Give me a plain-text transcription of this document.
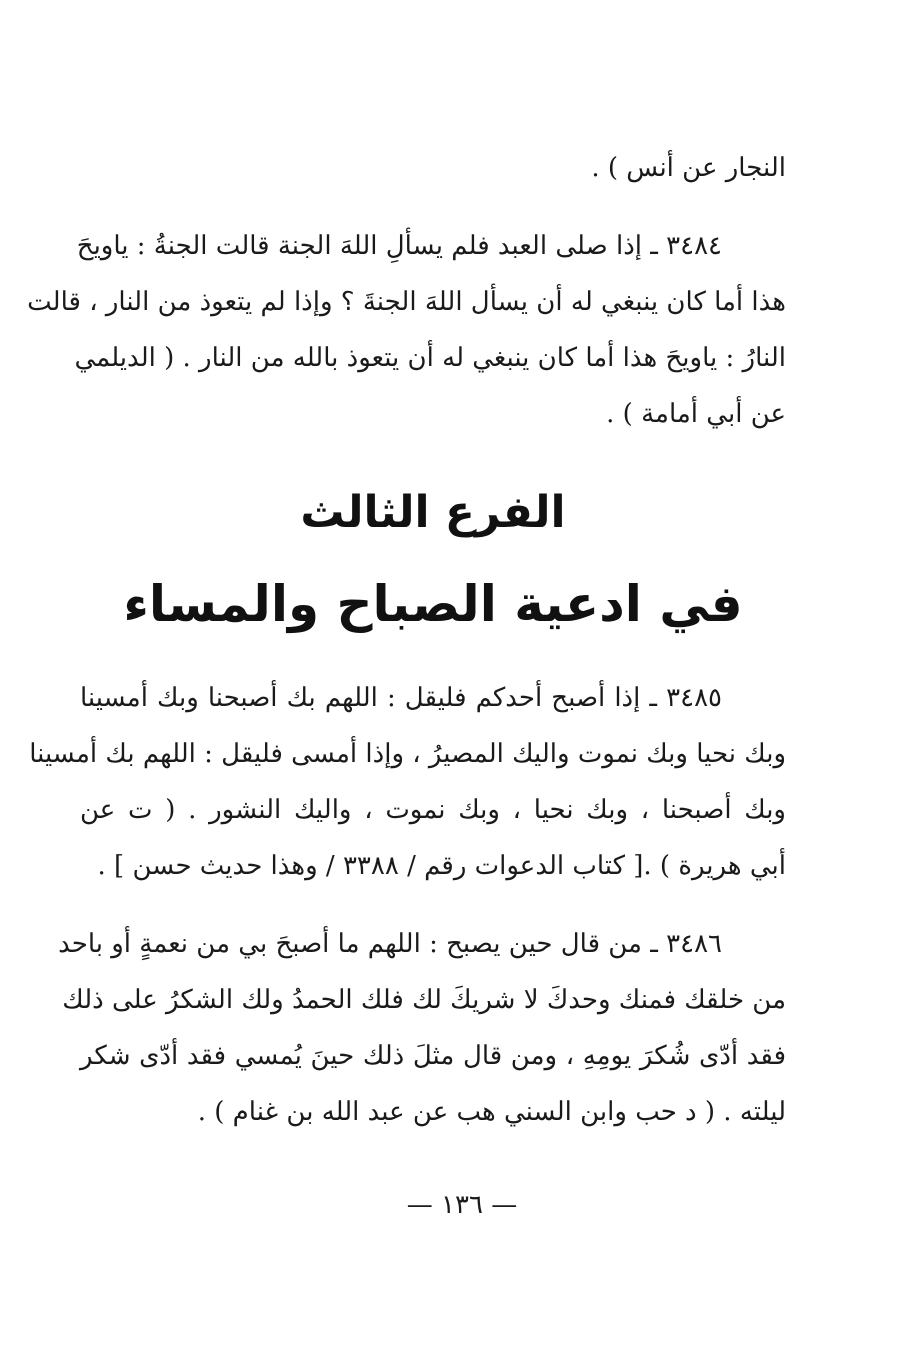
النجار عن أنس ) .
٣٤٨٤ ـ إذا صلى العبد فلم يسألِ اللهَ الجنة قالت الجنةُ : ياويحَ
هذا أما كان ينبغي له أن يسأل اللهَ الجنةَ ؟ وإذا لم يتعوذ من النار ، قالت
النارُ : ياويحَ هذا أما كان ينبغي له أن يتعوذ بالله من النار . ( الديلمي
عن أبي أمامة ) .
الفرع الثالث
في ادعية الصباح والمساء
٣٤٨٥ ـ إذا أصبح أحدكم فليقل : اللهم بك أصبحنا وبك أمسينا
وبك نحيا وبك نموت واليك المصيرُ ، وإذا أمسى فليقل : اللهم بك أمسينا
وبك أصبحنا ، وبك نحيا ، وبك نموت ، واليك النشور . ( ت عن
أبي هريرة ) .[ كتاب الدعوات رقم / ٣٣٨٨ / وهذا حديث حسن ] .
٣٤٨٦ ـ من قال حين يصبح : اللهم ما أصبحَ بي من نعمةٍ أو باحد
من خلقك فمنك وحدكَ لا شريكَ لك فلك الحمدُ ولك الشكرُ على ذلك
فقد أدّى شُكرَ يومِهِ ، ومن قال مثلَ ذلك حينَ يُمسي فقد أدّى شكر
ليلته . ( د حب وابن السني هب عن عبد الله بن غنام ) .
— ١٣٦ —
